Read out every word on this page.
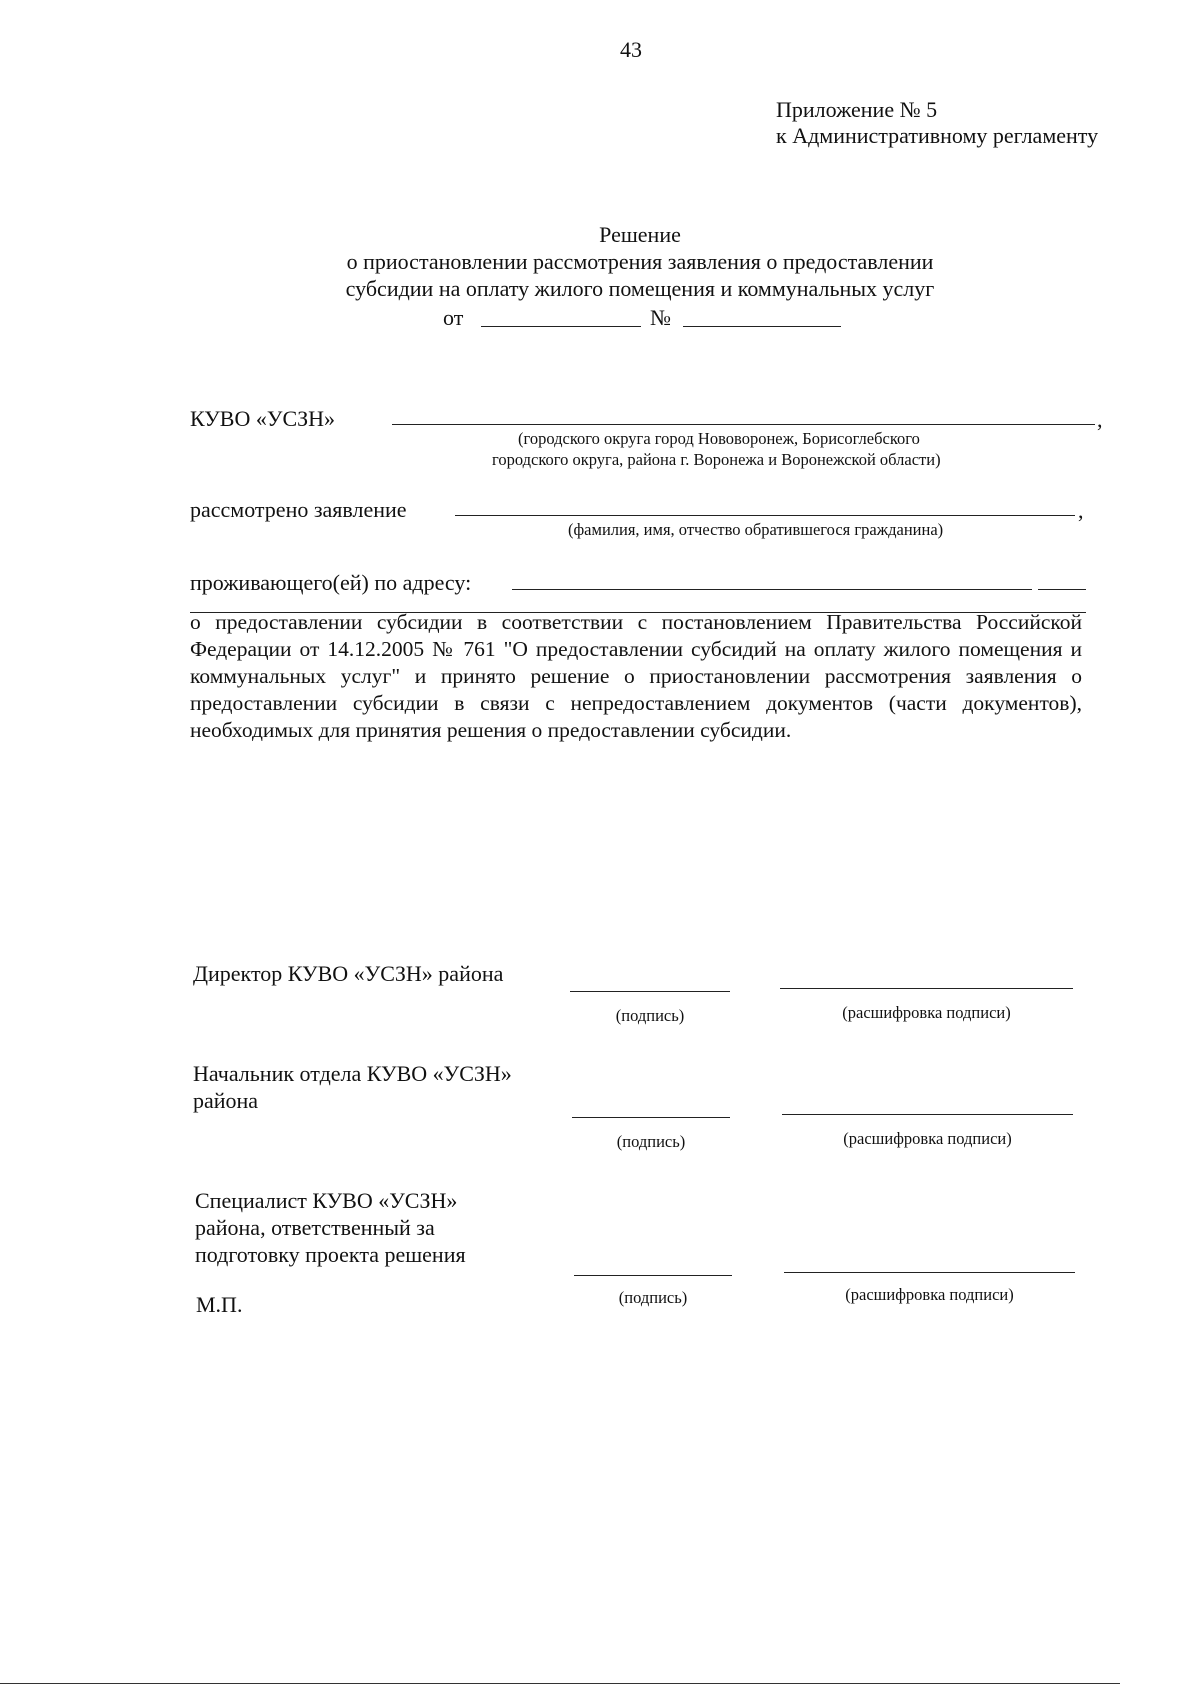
43
Приложение № 5
к Административному регламенту
Решение
о приостановлении рассмотрения заявления о предоставлении
субсидии на оплату жилого помещения и коммунальных услуг
от	№
КУВО «УСЗН»	,
(городского округа город Нововоронеж, Борисоглебского
городского округа, района г. Воронежа и Воронежской области)
рассмотрено заявление	,
(фамилия, имя, отчество обратившегося гражданина)
проживающего(ей) по адресу:
о предоставлении субсидии в соответствии с постановлением Правительства Российской Федерации от 14.12.2005 № 761 "О предоставлении субсидий на оплату жилого помещения и коммунальных услуг" и принято решение о приостановлении рассмотрения заявления о предоставлении субсидии в связи с непредоставлением документов (части документов), необходимых для принятия решения о предоставлении субсидии.
Директор КУВО «УСЗН» района
(подпись)	(расшифровка подписи)
Начальник отдела КУВО «УСЗН»
района
(подпись)	(расшифровка подписи)
Специалист КУВО «УСЗН»
района, ответственный за
подготовку проекта решения
(подпись)	(расшифровка подписи)
М.П.
